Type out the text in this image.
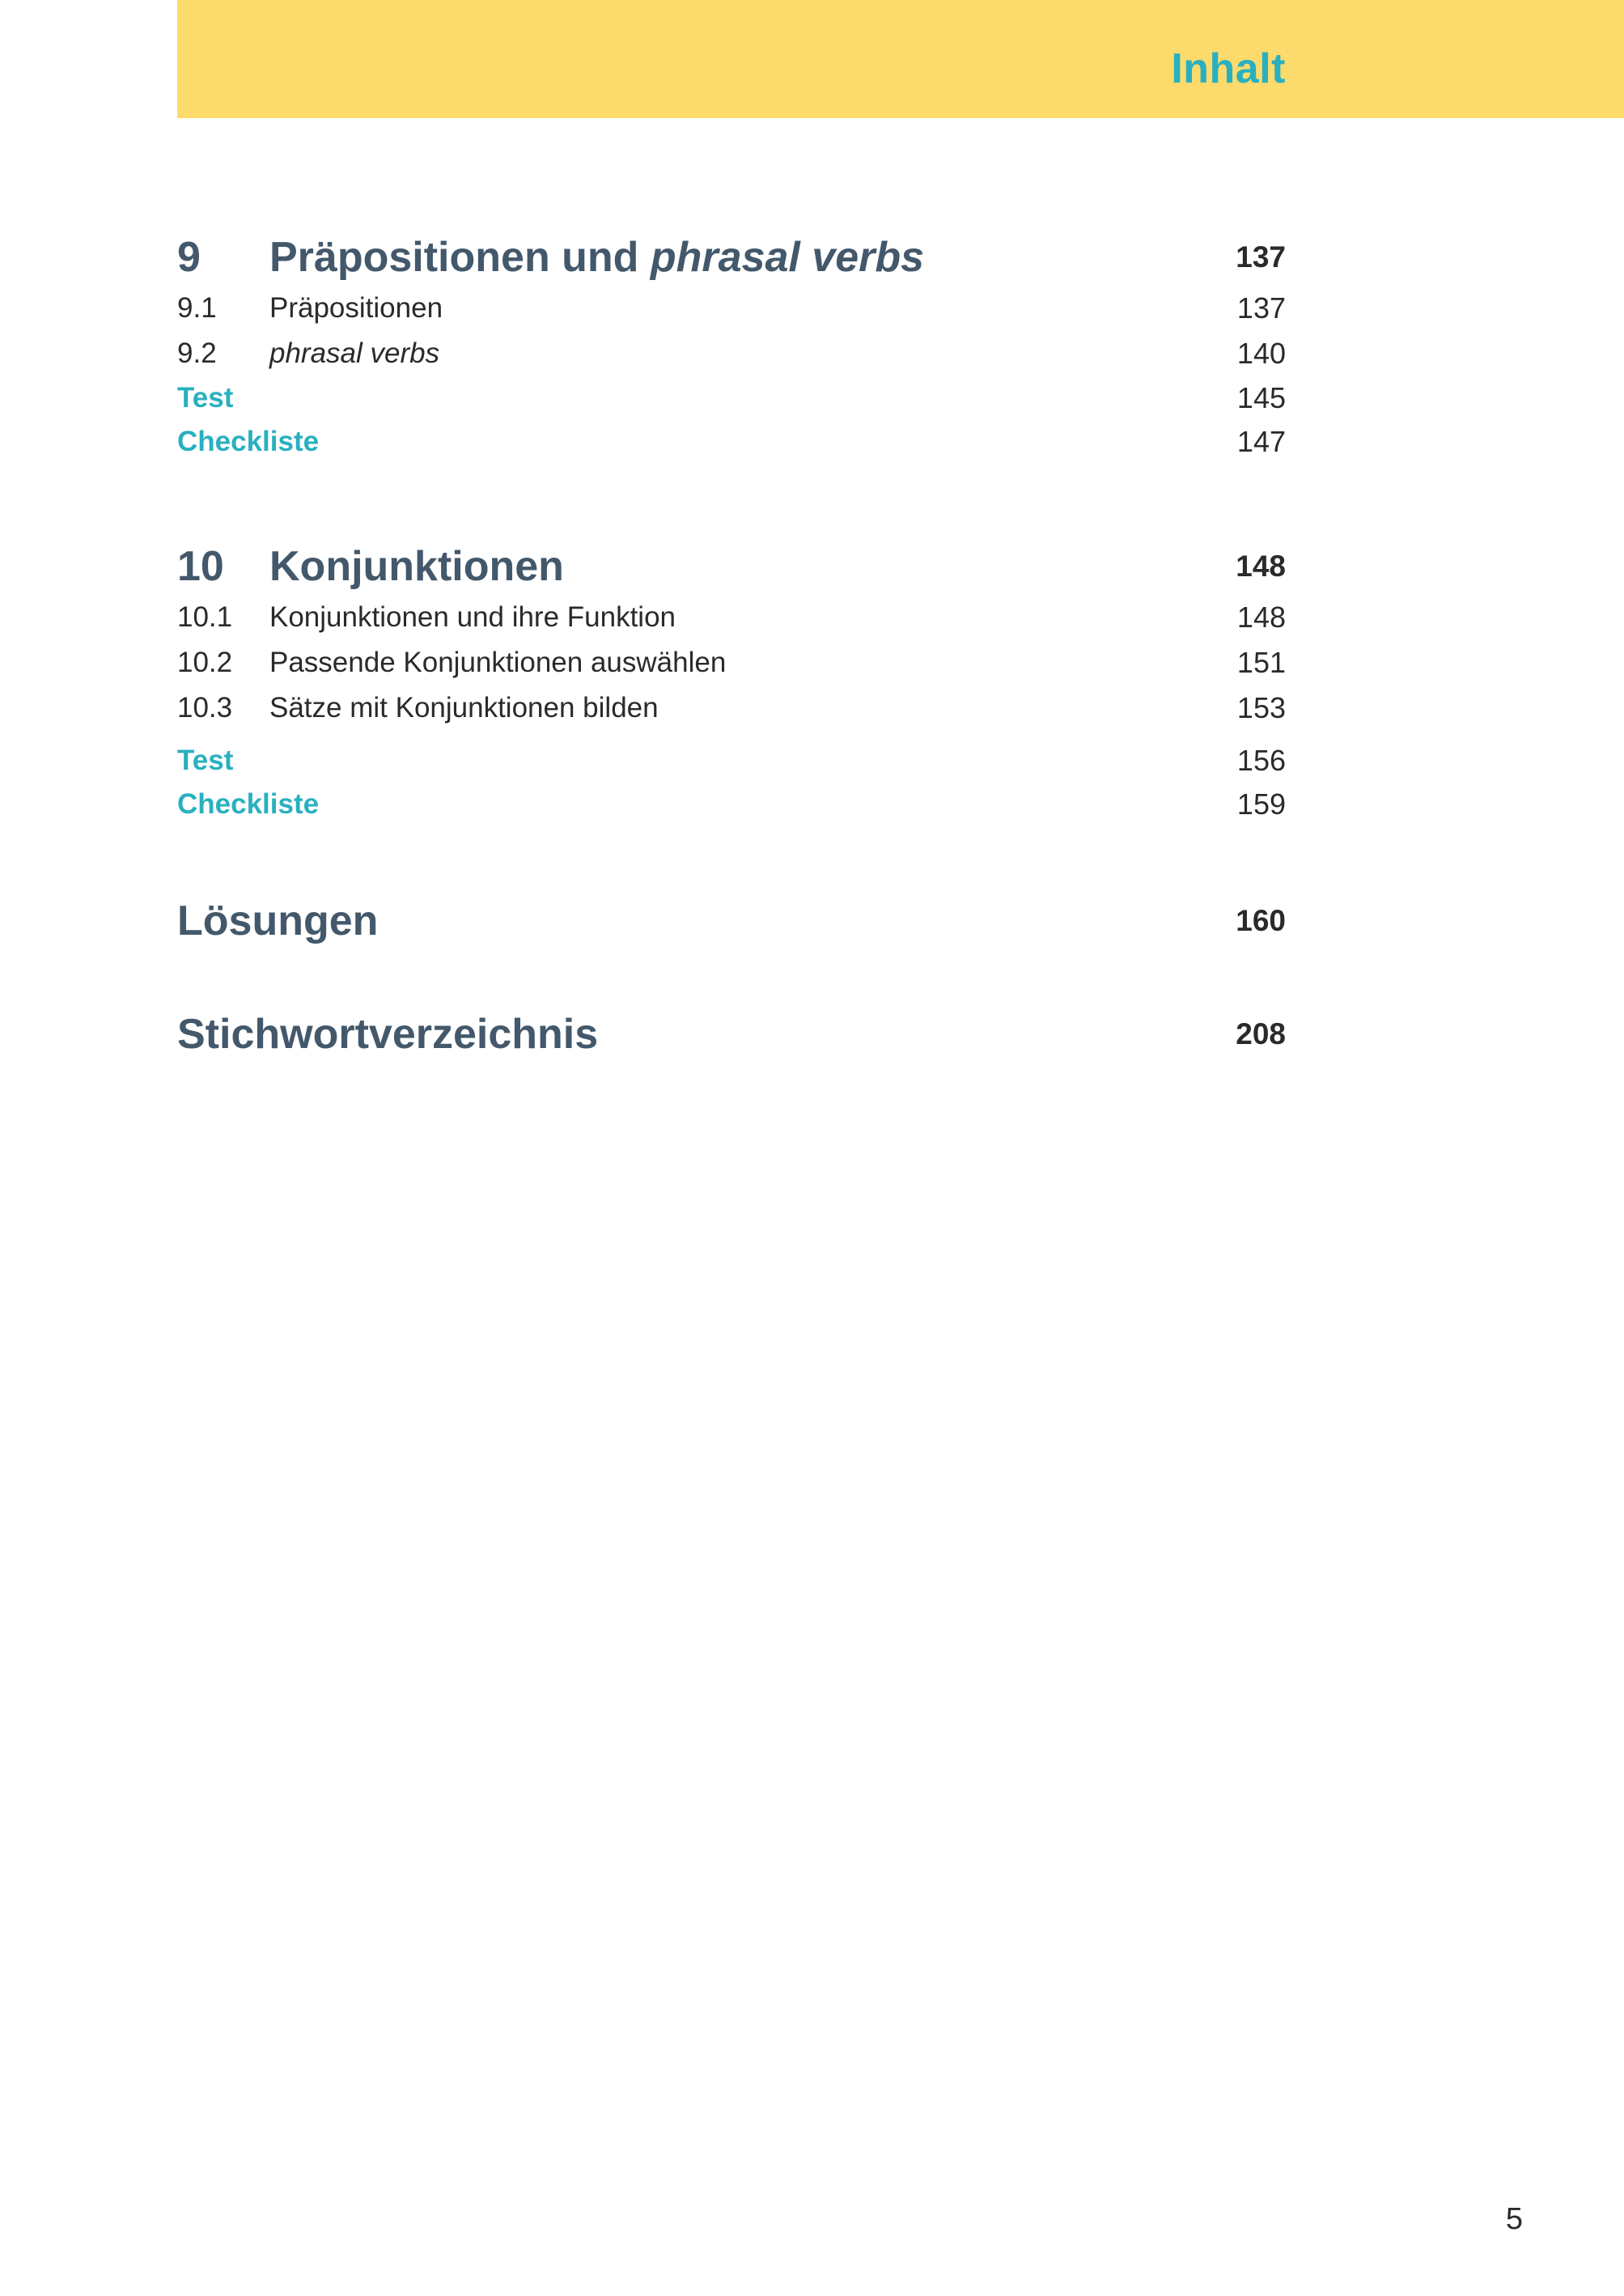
Inhalt
9	Präpositionen und phrasal verbs	137
9.1	Präpositionen	137
9.2	phrasal verbs	140
Test	145
Checkliste	147
10	Konjunktionen	148
10.1	Konjunktionen und ihre Funktion	148
10.2	Passende Konjunktionen auswählen	151
10.3	Sätze mit Konjunktionen bilden	153
Test	156
Checkliste	159
Lösungen	160
Stichwortverzeichnis	208
5
